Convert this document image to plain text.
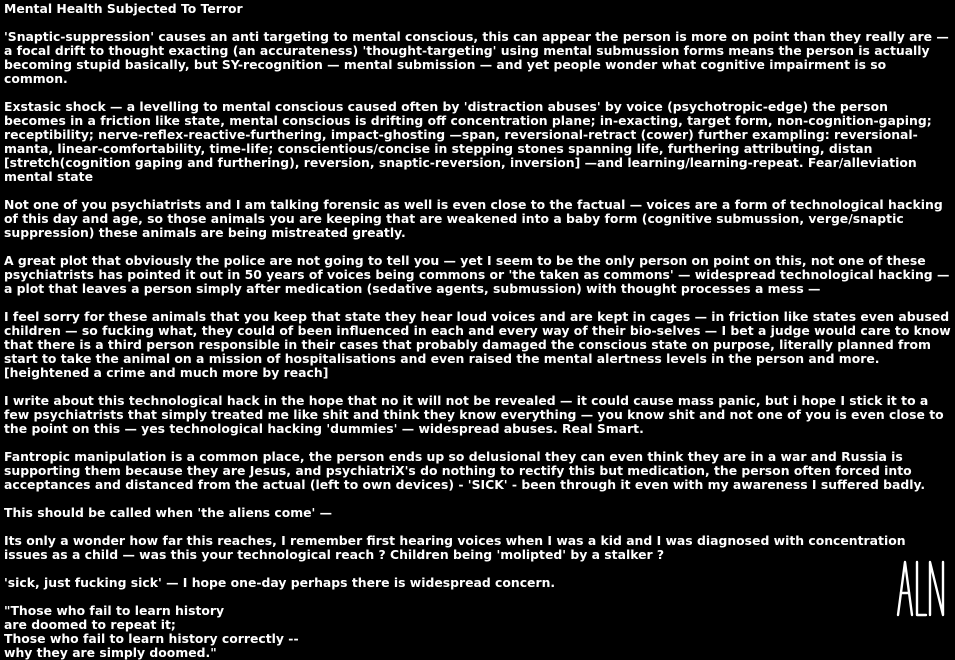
Mental Health Subjected To Terror
'Snaptic-suppression' causes an anti targeting to mental conscious, this can appear the person is more on point than they really are — a focal drift to thought exacting (an accurateness) 'thought-targeting' using mental submussion forms means the person is actually becoming stupid basically, but SY-recognition — mental submission — and yet people wonder what cognitive impairment is so common.
Exstasic shock — a levelling to mental conscious caused often by 'distraction abuses' by voice (psychotropic-edge) the person becomes in a friction like state, mental conscious is drifting off concentration plane; in-exacting, target form, non-cognition-gaping; receptibility; nerve-reflex-reactive-furthering, impact-ghosting —span, reversional-retract (cower) further exampling: reversional-manta, linear-comfortability, time-life; conscientious/concise in stepping stones spanning life, furthering attributing, distan [stretch(cognition gaping and furthering), reversion, snaptic-reversion, inversion] —and learning/learning-repeat. Fear/alleviation mental state
Not one of you psychiatrists and I am talking forensic as well is even close to the factual — voices are a form of technological hacking of this day and age, so those animals you are keeping that are weakened into a baby form (cognitive submussion, verge/snaptic suppression) these animals are being mistreated greatly.
A great plot that obviously the police are not going to tell you — yet I seem to be the only person on point on this, not one of these psychiatrists has pointed it out in 50 years of voices being commons or 'the taken as commons' — widespread technological hacking — a plot that leaves a person simply after medication (sedative agents, submussion) with thought processes a mess —
I feel sorry for these animals that you keep that state they hear loud voices and are kept in cages — in friction like states even abused children — so fucking what, they could of been influenced in each and every way of their bio-selves — I bet a judge would care to know that there is a third person responsible in their cases that probably damaged the conscious state on purpose, literally planned from start to take the animal on a mission of hospitalisations and even raised the mental alertness levels in the person and more. [heightened a crime and much more by reach]
I write about this technological hack in the hope that no it will not be revealed — it could cause mass panic, but i hope I stick it to a few psychiatrists that simply treated me like shit and think they know everything — you know shit and not one of you is even close to the point on this — yes technological hacking 'dummies' — widespread abuses. Real Smart.
Fantropic manipulation is a common place, the person ends up so delusional they can even think they are in a war and Russia is supporting them because they are Jesus, and psychiatriX's do nothing to rectify this but medication, the person often forced into acceptances and distanced from the actual (left to own devices) - 'SICK' - been through it even with my awareness I suffered badly.
This should be called when 'the aliens come' —
Its only a wonder how far this reaches, I remember first hearing voices when I was a kid and I was diagnosed with concentration issues as a child — was this your technological reach ? Children being 'molipted' by a stalker ?
'sick, just fucking sick' — I hope one-day perhaps there is widespread concern.
"Those who fail to learn history
are doomed to repeat it;
Those who fail to learn history correctly --
why they are simply doomed."
